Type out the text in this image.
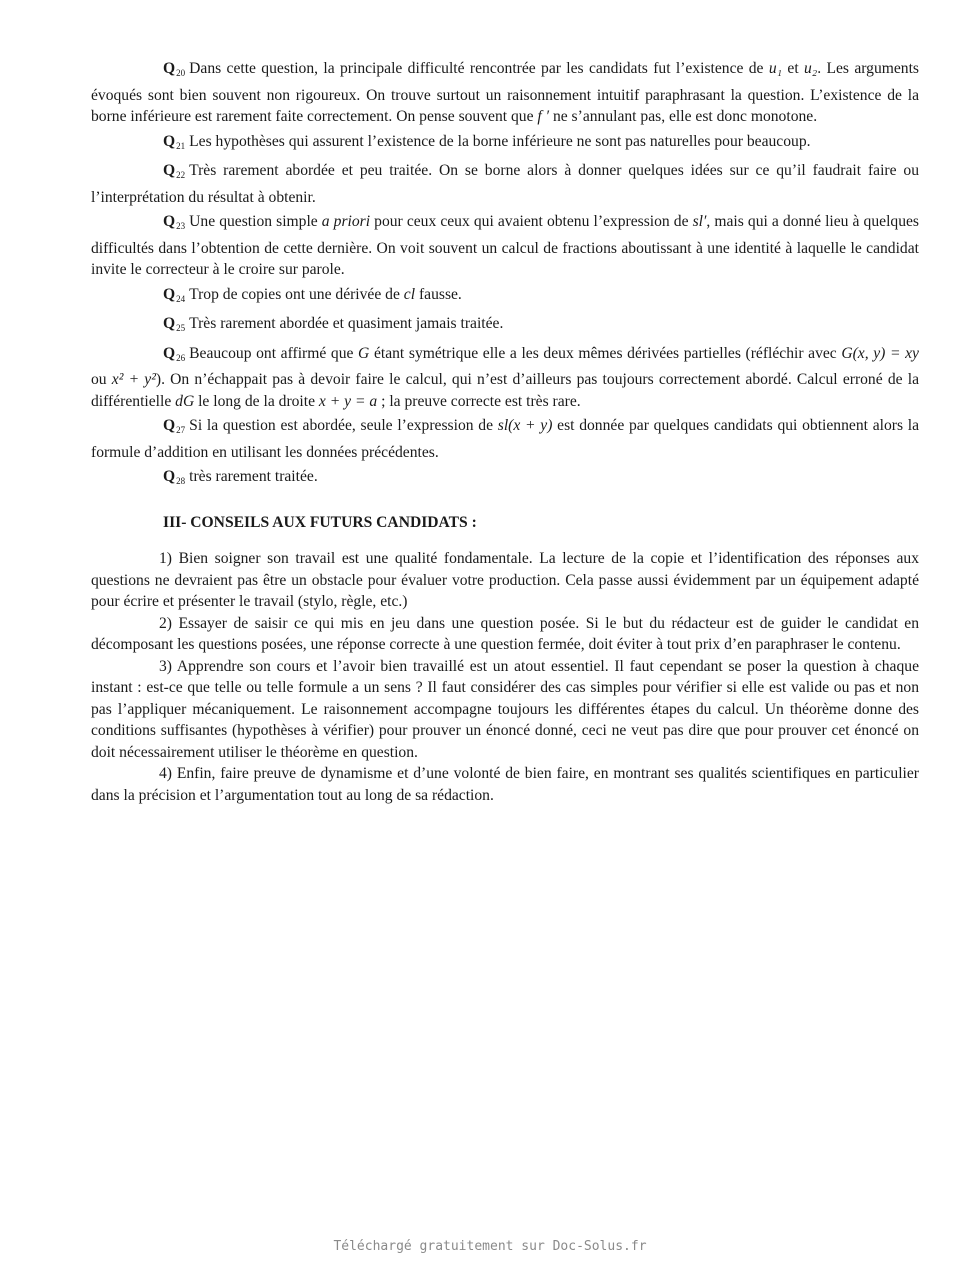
$Q_{20}$ Dans cette question, la principale difficulté rencontrée par les candidats fut l’existence de u₁ et u₂. Les arguments évoqués sont bien souvent non rigoureux. On trouve surtout un raisonnement intuitif paraphrasant la question. L’existence de la borne inférieure est rarement faite correctement. On pense souvent que f ′ ne s’annulant pas, elle est donc monotone.

$Q_{21}$ Les hypothèses qui assurent l’existence de la borne inférieure ne sont pas naturelles pour beaucoup.

$Q_{22}$ Très rarement abordée et peu traitée. On se borne alors à donner quelques idées sur ce qu’il faudrait faire ou l’interprétation du résultat à obtenir.

$Q_{23}$ Une question simple a priori pour ceux ceux qui avaient obtenu l’expression de sl′, mais qui a donné lieu à quelques difficultés dans l’obtention de cette dernière. On voit souvent un calcul de fractions aboutissant à une identité à laquelle le candidat invite le correcteur à le croire sur parole.

$Q_{24}$ Trop de copies ont une dérivée de cl fausse.

$Q_{25}$ Très rarement abordée et quasiment jamais traitée.

$Q_{26}$ Beaucoup ont affirmé que G étant symétrique elle a les deux mêmes dérivées partielles (réfléchir avec G(x, y) = xy ou x² + y²). On n’échappait pas à devoir faire le calcul, qui n’est d’ailleurs pas toujours correctement abordé. Calcul erroné de la différentielle dG le long de la droite x + y = a ; la preuve correcte est très rare.

$Q_{27}$ Si la question est abordée, seule l’expression de sl(x + y) est donnée par quelques candidats qui obtiennent alors la formule d’addition en utilisant les données précédentes.

$Q_{28}$ très rarement traitée.

III- CONSEILS AUX FUTURS CANDIDATS :

1) Bien soigner son travail est une qualité fondamentale. La lecture de la copie et l’identification des réponses aux questions ne devraient pas être un obstacle pour évaluer votre production. Cela passe aussi évidemment par un équipement adapté pour écrire et présenter le travail (stylo, règle, etc.)

2) Essayer de saisir ce qui mis en jeu dans une question posée. Si le but du rédacteur est de guider le candidat en décomposant les questions posées, une réponse correcte à une question fermée, doit éviter à tout prix d’en paraphraser le contenu.

3) Apprendre son cours et l’avoir bien travaillé est un atout essentiel. Il faut cependant se poser la question à chaque instant : est-ce que telle ou telle formule a un sens ? Il faut considérer des cas simples pour vérifier si elle est valide ou pas et non pas l’appliquer mécaniquement. Le raisonnement accompagne toujours les différentes étapes du calcul. Un théorème donne des conditions suffisantes (hypothèses à vérifier) pour prouver un énoncé donné, ceci ne veut pas dire que pour prouver cet énoncé on doit nécessairement utiliser le théorème en question.

4) Enfin, faire preuve de dynamisme et d’une volonté de bien faire, en montrant ses qualités scientifiques en particulier dans la précision et l’argumentation tout au long de sa rédaction.

Téléchargé gratuitement sur Doc-Solus.fr
